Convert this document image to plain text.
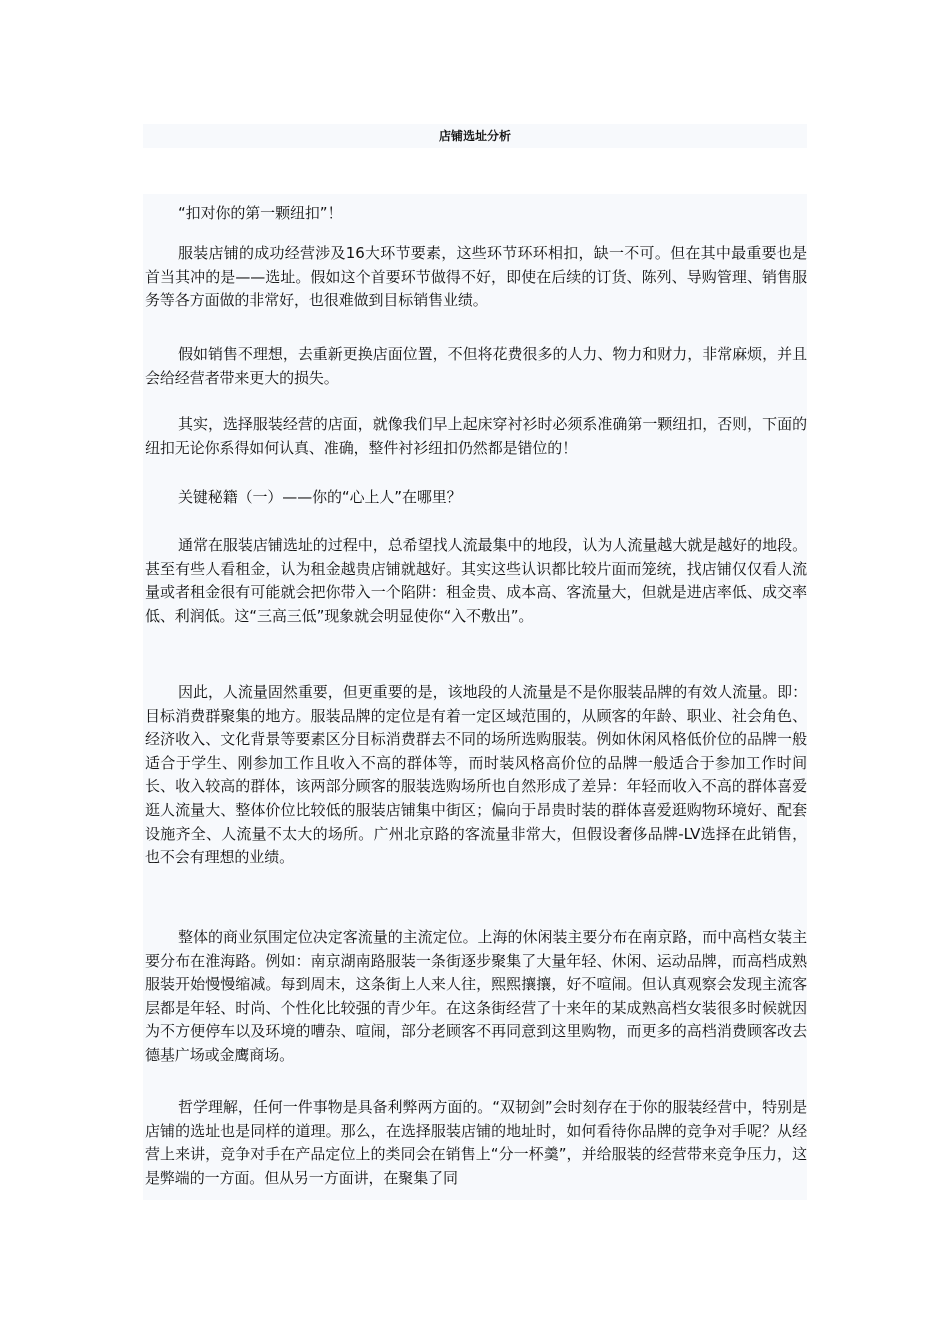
店铺选址分析

“扣对你的第一颗纽扣”！

服装店铺的成功经营涉及16大环节要素，这些环节环环相扣，缺一不可。但在其中最重要也是首当其冲的是——选址。假如这个首要环节做得不好，即使在后续的订货、陈列、导购管理、销售服务等各方面做的非常好，也很难做到目标销售业绩。

假如销售不理想，去重新更换店面位置，不但将花费很多的人力、物力和财力，非常麻烦，并且会给经营者带来更大的损失。

其实，选择服装经营的店面，就像我们早上起床穿衬衫时必须系准确第一颗纽扣，否则，下面的纽扣无论你系得如何认真、准确，整件衬衫纽扣仍然都是错位的！

关键秘籍（一）——你的“心上人”在哪里？

通常在服装店铺选址的过程中，总希望找人流最集中的地段，认为人流量越大就是越好的地段。甚至有些人看租金，认为租金越贵店铺就越好。其实这些认识都比较片面而笼统，找店铺仅仅看人流量或者租金很有可能就会把你带入一个陷阱：租金贵、成本高、客流量大，但就是进店率低、成交率低、利润低。这“三高三低”现象就会明显使你“入不敷出”。

因此，人流量固然重要，但更重要的是，该地段的人流量是不是你服装品牌的有效人流量。即：目标消费群聚集的地方。服装品牌的定位是有着一定区域范围的，从顾客的年龄、职业、社会角色、经济收入、文化背景等要素区分目标消费群去不同的场所选购服装。例如休闲风格低价位的品牌一般适合于学生、刚参加工作且收入不高的群体等，而时装风格高价位的品牌一般适合于参加工作时间长、收入较高的群体，该两部分顾客的服装选购场所也自然形成了差异：年轻而收入不高的群体喜爱逛人流量大、整体价位比较低的服装店铺集中街区；偏向于昂贵时装的群体喜爱逛购物环境好、配套设施齐全、人流量不太大的场所。广州北京路的客流量非常大，但假设奢侈品牌-LV选择在此销售，也不会有理想的业绩。

整体的商业氛围定位决定客流量的主流定位。上海的休闲装主要分布在南京路，而中高档女装主要分布在淮海路。例如：南京湖南路服装一条街逐步聚集了大量年轻、休闲、运动品牌，而高档成熟服装开始慢慢缩减。每到周末，这条街上人来人往，熙熙攘攘，好不喧闹。但认真观察会发现主流客层都是年轻、时尚、个性化比较强的青少年。在这条街经营了十来年的某成熟高档女装很多时候就因为不方便停车以及环境的嘈杂、喧闹，部分老顾客不再同意到这里购物，而更多的高档消费顾客改去德基广场或金鹰商场。

哲学理解，任何一件事物是具备利弊两方面的。“双韧剑”会时刻存在于你的服装经营中，特别是店铺的选址也是同样的道理。那么，在选择服装店铺的地址时，如何看待你品牌的竞争对手呢？从经营上来讲，竞争对手在产品定位上的类同会在销售上“分一杯羹”，并给服装的经营带来竞争压力，这是弊端的一方面。但从另一方面讲，在聚集了同
